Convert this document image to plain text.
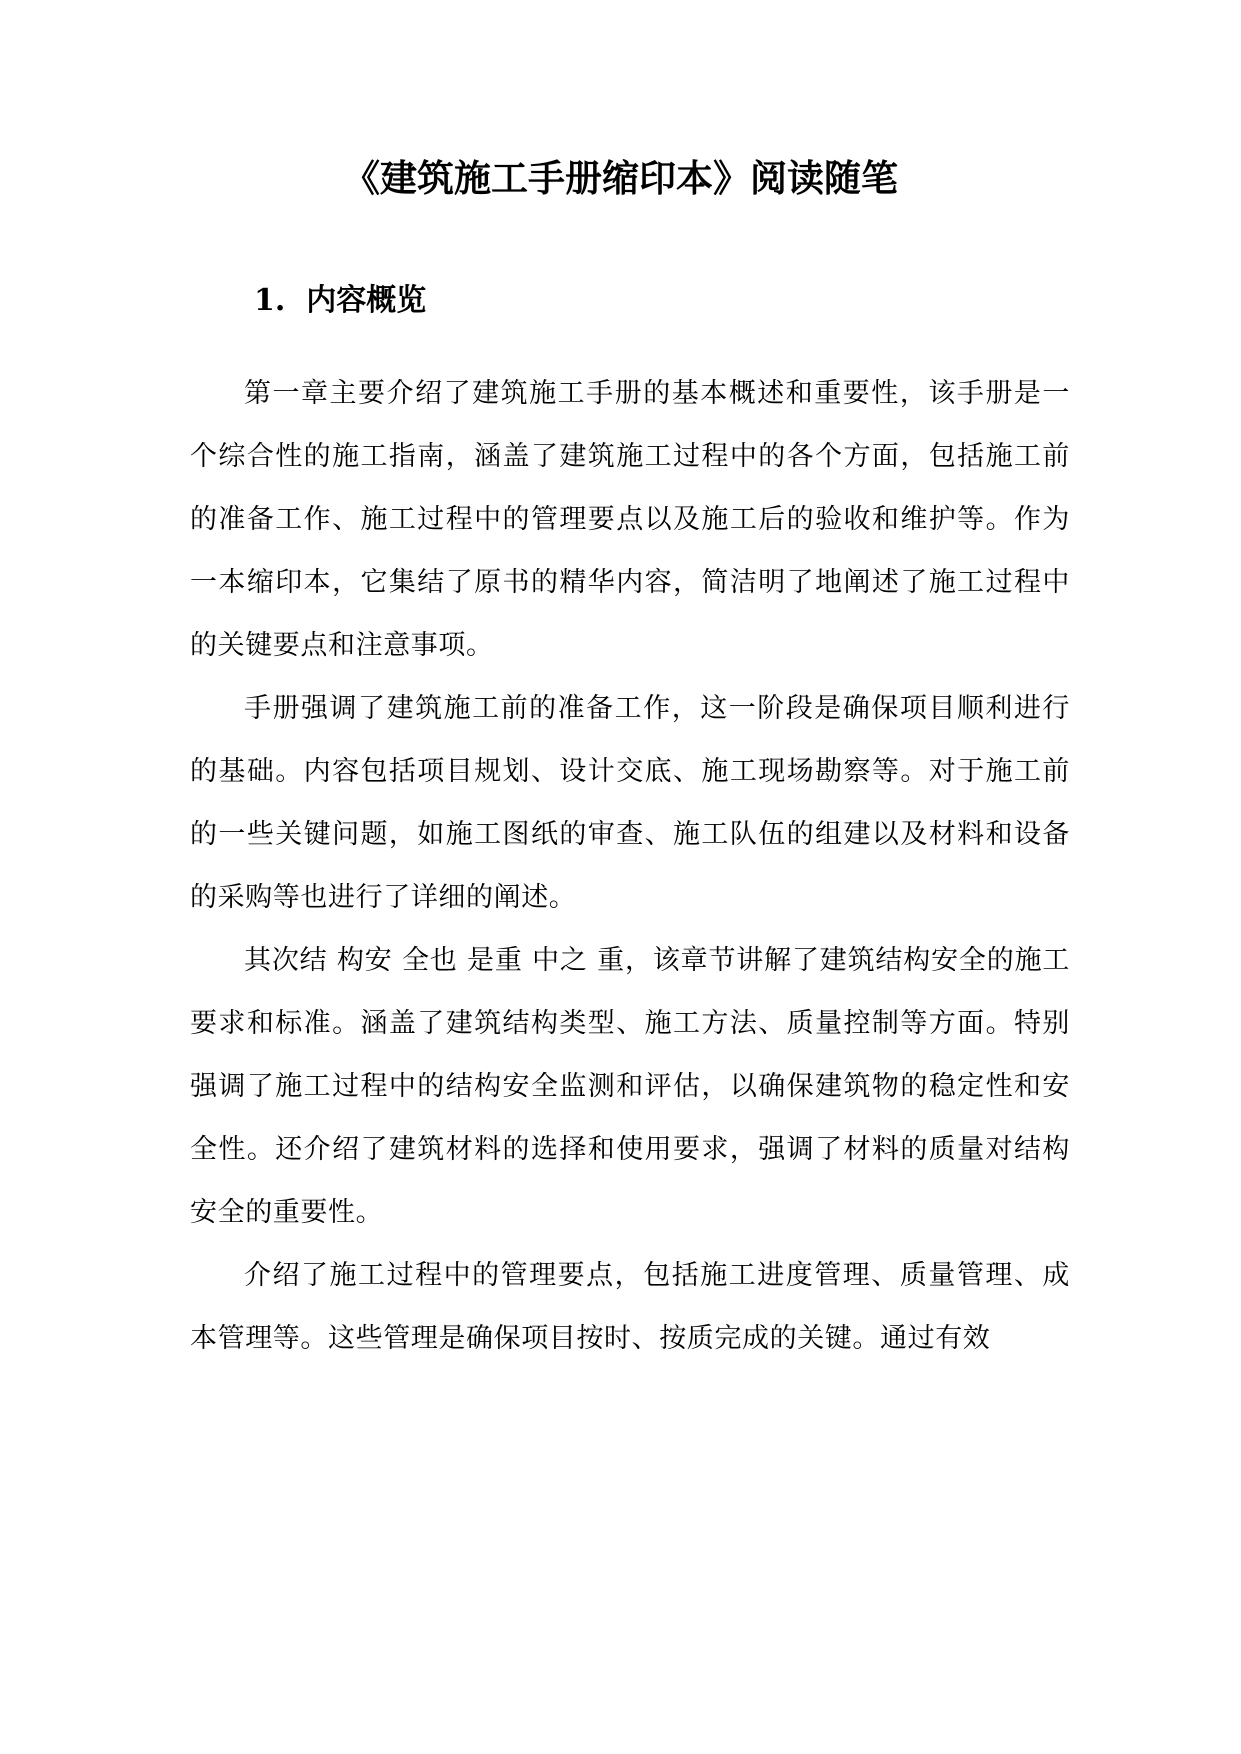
《建筑施工手册缩印本》阅读随笔
1. 内容概览

第一章主要介绍了建筑施工手册的基本概述和重要性，该手册是一个综合性的施工指南，涵盖了建筑施工过程中的各个方面，包括施工前的准备工作、施工过程中的管理要点以及施工后的验收和维护等。作为一本缩印本，它集结了原书的精华内容，简洁明了地阐述了施工过程中的关键要点和注意事项。

手册强调了建筑施工前的准备工作，这一阶段是确保项目顺利进行的基础。内容包括项目规划、设计交底、施工现场勘察等。对于施工前的一些关键问题，如施工图纸的审查、施工队伍的组建以及材料和设备的采购等也进行了详细的阐述。

其次结 构安 全也 是重 中之 重，该章节讲解了建筑结构安全的施工要求和标准。涵盖了建筑结构类型、施工方法、质量控制等方面。特别强调了施工过程中的结构安全监测和评估，以确保建筑物的稳定性和安全性。还介绍了建筑材料的选择和使用要求，强调了材料的质量对结构安全的重要性。

介绍了施工过程中的管理要点，包括施工进度管理、质量管理、成本管理等。这些管理是确保项目按时、按质完成的关键。通过有效
